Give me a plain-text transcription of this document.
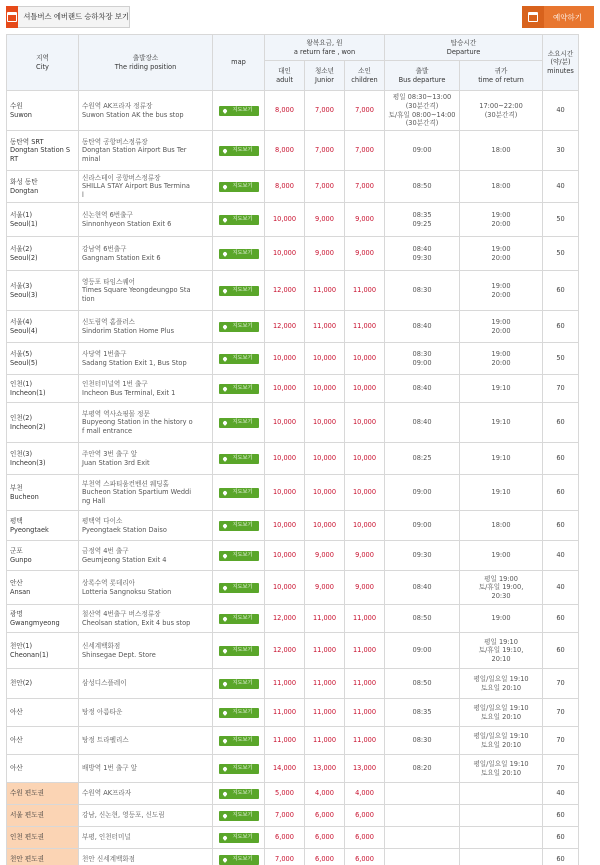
셔틀버스 에버랜드 승하차장 보기	예약하기
지역
City	출발장소
The riding position	map	왕복요금, 원
a return fare , won			탑승시간
Departure		소요시간
(약/분)
minutes

			대인
adult	청소년
Junior	소인
children	출발
Bus departure	귀가
time of return	

수원
Suwon	수원역 AK프라자 정류장
Suwon Station AK the bus stop	지도보기	8,000	7,000	7,000	평일 08:30~13:00
(30분간격)
토/휴일 08:00~14:00
(30분간격)	17:00~22:00
(30분간격)	40

동탄역 SRT
Dongtan Station S
RT	동탄역 공항버스정류장
Dongtan Station Airport Bus Ter
minal	지도보기	8,000	7,000	7,000	09:00	18:00	30

화성 동탄
Dongtan	신라스테이 공항버스정류장
SHILLA STAY Airport Bus Termina
l	지도보기	8,000	7,000	7,000	08:50	18:00	40

서울(1)
Seoul(1)	신논현역 6번출구
Sinnonhyeon Station Exit 6	지도보기	10,000	9,000	9,000	08:35
09:25	19:00
20:00	50

서울(2)
Seoul(2)	강남역 6번출구
Gangnam Station Exit 6	지도보기	10,000	9,000	9,000	08:40
09:30	19:00
20:00	50

서울(3)
Seoul(3)	영등포 타임스퀘어
Times Square Yeongdeungpo Sta
tion	지도보기	12,000	11,000	11,000	08:30	19:00
20:00	60

서울(4)
Seoul(4)	신도림역 홈플러스
Sindorim Station Home Plus	지도보기	12,000	11,000	11,000	08:40	19:00
20:00	60

서울(5)
Seoul(5)	사당역 1번출구
Sadang Station Exit 1, Bus Stop	지도보기	10,000	10,000	10,000	08:30
09:00	19:00
20:00	50

인천(1)
Incheon(1)	인천터미널역 1번 출구
Incheon Bus Terminal, Exit 1	지도보기	10,000	10,000	10,000	08:40	19:10	70

인천(2)
Incheon(2)	부평역 역사쇼핑몰 정문
Bupyeong Station in the history o
f mall entrance	지도보기	10,000	10,000	10,000	08:40	19:10	60

인천(3)
Incheon(3)	주안역 3번 출구 앞
Juan Station 3rd Exit	지도보기	10,000	10,000	10,000	08:25	19:10	60

부천
Bucheon	부천역 스파티움컨벤션 웨딩홀
Bucheon Station Spartium Weddi
ng Hall	지도보기	10,000	10,000	10,000	09:00	19:10	60

평택
Pyeongtaek	평택역 다이소
Pyeongtaek Station Daiso	지도보기	10,000	10,000	10,000	09:00	18:00	60

군포
Gunpo	금정역 4번 출구
Geumjeong Station Exit 4	지도보기	10,000	9,000	9,000	09:30	19:00	40

안산
Ansan	상록수역 롯데리아
Lotteria Sangnoksu Station	지도보기	10,000	9,000	9,000	08:40	평일 19:00
토/휴일 19:00,
20:30	40

광명
Gwangmyeong	철산역 4번출구 버스정류장
Cheolsan station, Exit 4 bus stop	지도보기	12,000	11,000	11,000	08:50	19:00	60

천안(1)
Cheonan(1)	신세계백화점
Shinsegae Dept. Store	지도보기	12,000	11,000	11,000	09:00	평일 19:10
토/휴일 19:10,
20:10	60

천안(2)	삼성디스플레이	지도보기	11,000	11,000	11,000	08:50	평일/일요일 19:10
토요일 20:10	70

아산	탕정 아름타운	지도보기	11,000	11,000	11,000	08:35	평일/일요일 19:10
토요일 20:10	70

아산	탕정 트라펠리스	지도보기	11,000	11,000	11,000	08:30	평일/일요일 19:10
토요일 20:10	70

아산	배방역 1번 출구 앞	지도보기	14,000	13,000	13,000	08:20	평일/일요일 19:10
토요일 20:10	70

수원 편도권	수원역 AK프라자	지도보기	5,000	4,000	4,000			40

서울 편도권	강남, 신논현, 영등포, 신도림	지도보기	7,000	6,000	6,000			60

인천 편도권	부평, 인천터미널	지도보기	6,000	6,000	6,000			60

천안 편도권	천안 신세계백화점	지도보기	7,000	6,000	6,000			60
